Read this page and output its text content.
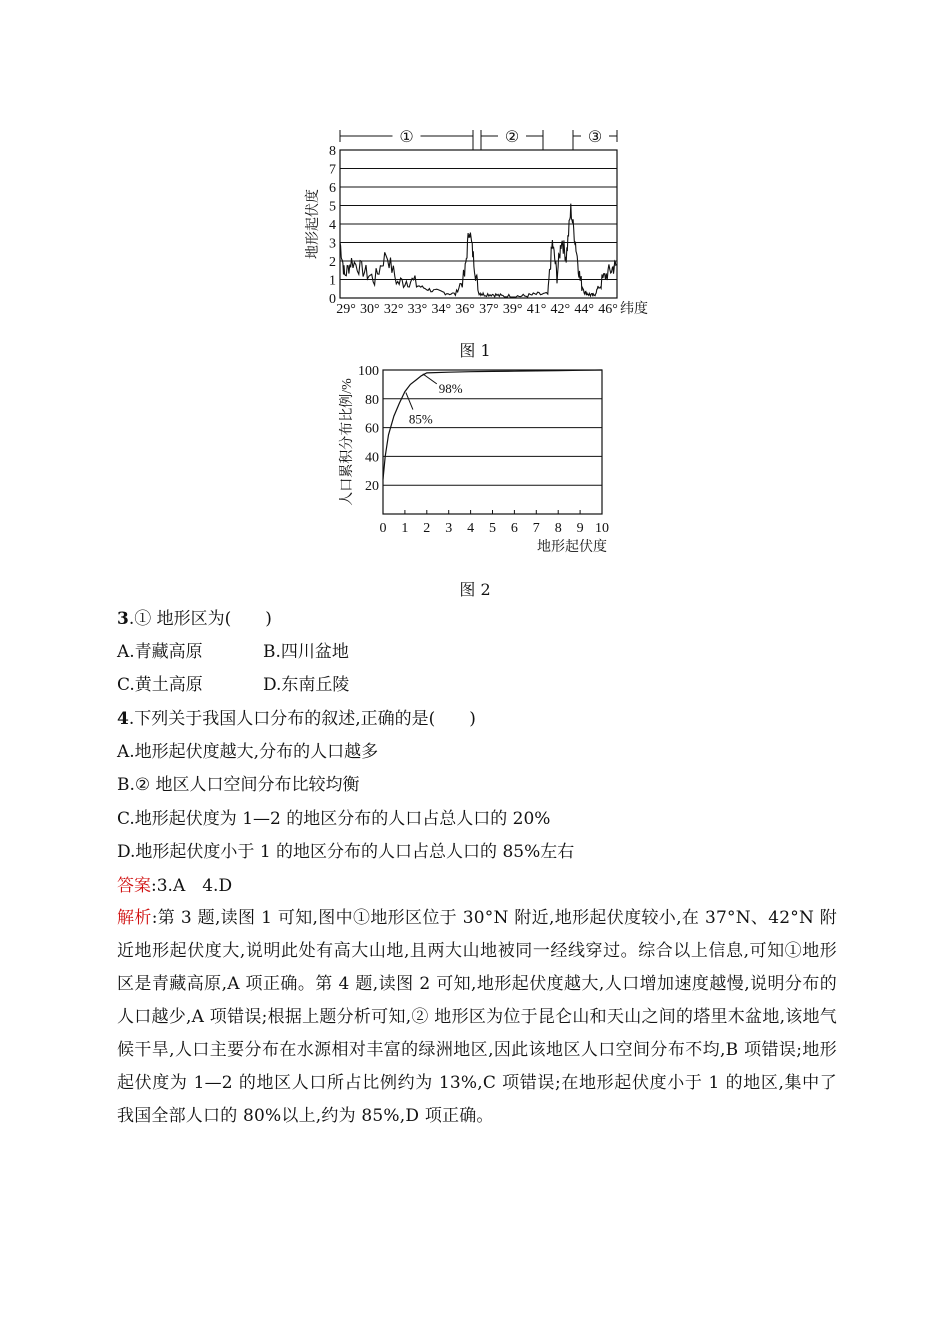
0
1
2
3
4
5
6
7
8
地形起伏度
①	②	③
29° 30° 32° 33° 34° 36° 37° 39° 41° 42° 44° 46° 纬度
图 1
20
40
60
80
100
0 1 2 3 4 5 6 7 8 9 10
地形起伏度
人口累积分布比例/%	98%
85%
图 2
3.① 地形区为(　　)
A.青藏高原	B.四川盆地
C.黄土高原	D.东南丘陵
4.下列关于我国人口分布的叙述,正确的是(　　)
A.地形起伏度越大,分布的人口越多
B.② 地区人口空间分布比较均衡
C.地形起伏度为 1—2 的地区分布的人口占总人口的 20%
D.地形起伏度小于 1 的地区分布的人口占总人口的 85%左右
答案:3.A　4.D
解析:第 3 题,读图 1 可知,图中①地形区位于 30°N 附近,地形起伏度较小,在 37°N、42°N 附近地形起伏度大,说明此处有高大山地,且两大山地被同一经线穿过。综合以上信息,可知①地形区是青藏高原,A 项正确。第 4 题,读图 2 可知,地形起伏度越大,人口增加速度越慢,说明分布的人口越少,A 项错误;根据上题分析可知,② 地形区为位于昆仑山和天山之间的塔里木盆地,该地气候干旱,人口主要分布在水源相对丰富的绿洲地区,因此该地区人口空间分布不均,B 项错误;地形起伏度为 1—2 的地区人口所占比例约为 13%,C 项错误;在地形起伏度小于 1 的地区,集中了我国全部人口的 80%以上,约为 85%,D 项正确。
